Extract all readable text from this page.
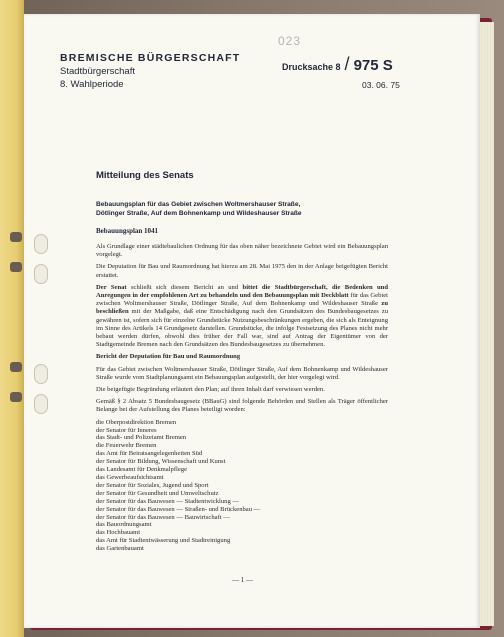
023
BREMISCHE BÜRGERSCHAFT
Stadtbürgerschaft
8. Wahlperiode
Drucksache 8 / 975 S
03. 06. 75
Mitteilung des Senats
Bebauungsplan für das Gebiet zwischen Woltmershauser Straße,
Dötlinger Straße, Auf dem Bohnenkamp und Wildeshauser Straße
Bebauungsplan 1041

Als Grundlage einer städtebaulichen Ordnung für das oben näher bezeichnete Gebiet wird ein Bebauungsplan vorgelegt.

Die Deputation für Bau und Raumordnung hat hierzu am 28. Mai 1975 den in der Anlage beigefügten Bericht erstattet.

Der Senat schließt sich diesem Bericht an und bittet die Stadtbürgerschaft, die Bedenken und Anregungen in der empfohlenen Art zu behandeln und den Bebauungsplan mit Deckblatt für das Gebiet zwischen Woltmershauser Straße, Dötlinger Straße, Auf dem Bohnenkamp und Wildeshauser Straße zu beschließen mit der Maßgabe, daß eine Entschädigung nach den Grundsätzen des Bundesbaugesetzes zu gewähren ist, sofern sich für einzelne Grundstücke Nutzungsbeschränkungen ergeben, die sich als Enteignung im Sinne des Artikels 14 Grundgesetz darstellen. Grundstücke, die infolge Festsetzung des Planes nicht mehr bebaut werden dürfen, obwohl dies früher der Fall war, sind auf Antrag der Eigentümer von der Stadtgemeinde Bremen nach den Grundsätzen des Bundesbaugesetzes zu übernehmen.

Bericht der Deputation für Bau und Raumordnung

Für das Gebiet zwischen Woltmershauser Straße, Dötlinger Straße, Auf dem Bohnenkamp und Wildeshauser Straße wurde vom Stadtplanungsamt ein Bebauungsplan aufgestellt, der hier vorgelegt wird.

Die beigefügte Begründung erläutert den Plan; auf ihren Inhalt darf verwiesen werden.

Gemäß § 2 Absatz 5 Bundesbaugesetz (BBauG) sind folgende Behörden und Stellen als Träger öffentlicher Belange bei der Aufstellung des Planes beteiligt worden:

die Oberpostdirektion Bremen
der Senator für Inneres
das Stadt- und Polizeiamt Bremen
die Feuerwehr Bremen
das Amt für Beiratsangelegenheiten Süd
der Senator für Bildung, Wissenschaft und Kunst
das Landesamt für Denkmalpflege
das Gewerbeaufsichtsamt
der Senator für Soziales, Jugend und Sport
der Senator für Gesundheit und Umweltschutz
der Senator für das Bauwesen — Stadtentwicklung —
der Senator für das Bauwesen — Straßen- und Brückenbau —
der Senator für das Bauwesen — Bauwirtschaft —
das Bauordnungsamt
das Hochbauamt
das Amt für Stadtentwässerung und Stadtreinigung
das Gartenbauamt
— 1 —
